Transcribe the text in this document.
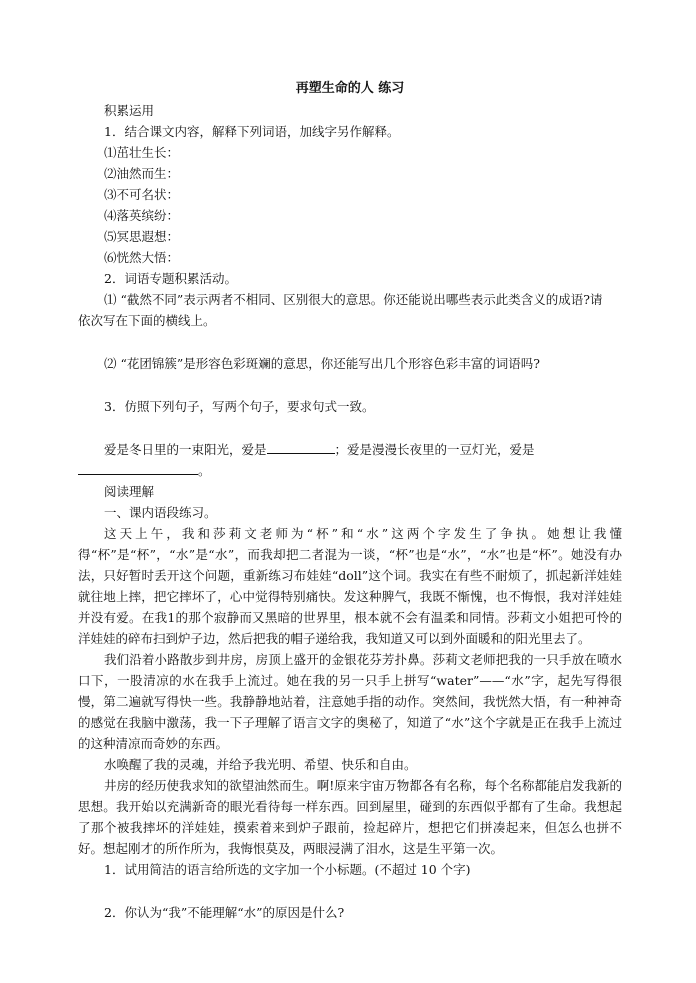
再塑生命的人 练习

积累运用

1．结合课文内容，解释下列词语，加线字另作解释。

⑴茁壮生长：

⑵油然而生：

⑶不可名状：

⑷落英缤纷：

⑸冥思遐想：

⑹恍然大悟：

2．词语专题积累活动。

⑴ “截然不同”表示两者不相同、区别很大的意思。你还能说出哪些表示此类含义的成语?请

依次写在下面的横线上。

⑵ “花团锦簇”是形容色彩斑斓的意思，你还能写出几个形容色彩丰富的词语吗?

3．仿照下列句子，写两个句子，要求句式一致。

爱是冬日里的一束阳光，爱是	；爱是漫漫长夜里的一豆灯光，爱是

。

阅读理解

一、课内语段练习。

这天上午，我和莎莉文老师为“杯”和“水”这两个字发生了争执。她想让我懂得“杯”是“杯”，“水”是“水”，而我却把二者混为一谈，“杯”也是“水”，“水”也是“杯”。她没有办法，只好暂时丢开这个问题，重新练习布娃娃“doll”这个词。我实在有些不耐烦了，抓起新洋娃娃就往地上摔，把它摔坏了，心中觉得特别痛快。发这种脾气，我既不惭愧，也不悔恨，我对洋娃娃并没有爱。在我1的那个寂静而又黑暗的世界里，根本就不会有温柔和同情。莎莉文小姐把可怜的洋娃娃的碎布扫到炉子边，然后把我的帽子递给我，我知道又可以到外面暖和的阳光里去了。

我们沿着小路散步到井房，房顶上盛开的金银花芬芳扑鼻。莎莉文老师把我的一只手放在喷水口下，一股清凉的水在我手上流过。她在我的另一只手上拼写“water”——“水”字，起先写得很慢，第二遍就写得快一些。我静静地站着，注意她手指的动作。突然间，我恍然大悟，有一种神奇的感觉在我脑中激荡，我一下子理解了语言文字的奥秘了，知道了“水”这个字就是正在我手上流过的这种清凉而奇妙的东西。

水唤醒了我的灵魂，并给予我光明、希望、快乐和自由。

井房的经历使我求知的欲望油然而生。啊!原来宇宙万物都各有名称，每个名称都能启发我新的思想。我开始以充满新奇的眼光看待每一样东西。回到屋里，碰到的东西似乎都有了生命。我想起了那个被我摔坏的洋娃娃，摸索着来到炉子跟前，捡起碎片，想把它们拼凑起来，但怎么也拼不好。想起刚才的所作所为，我悔恨莫及，两眼浸满了泪水，这是生平第一次。

1．试用简洁的语言给所选的文字加一个小标题。(不超过 10 个字)

2．你认为“我”不能理解“水”的原因是什么?
